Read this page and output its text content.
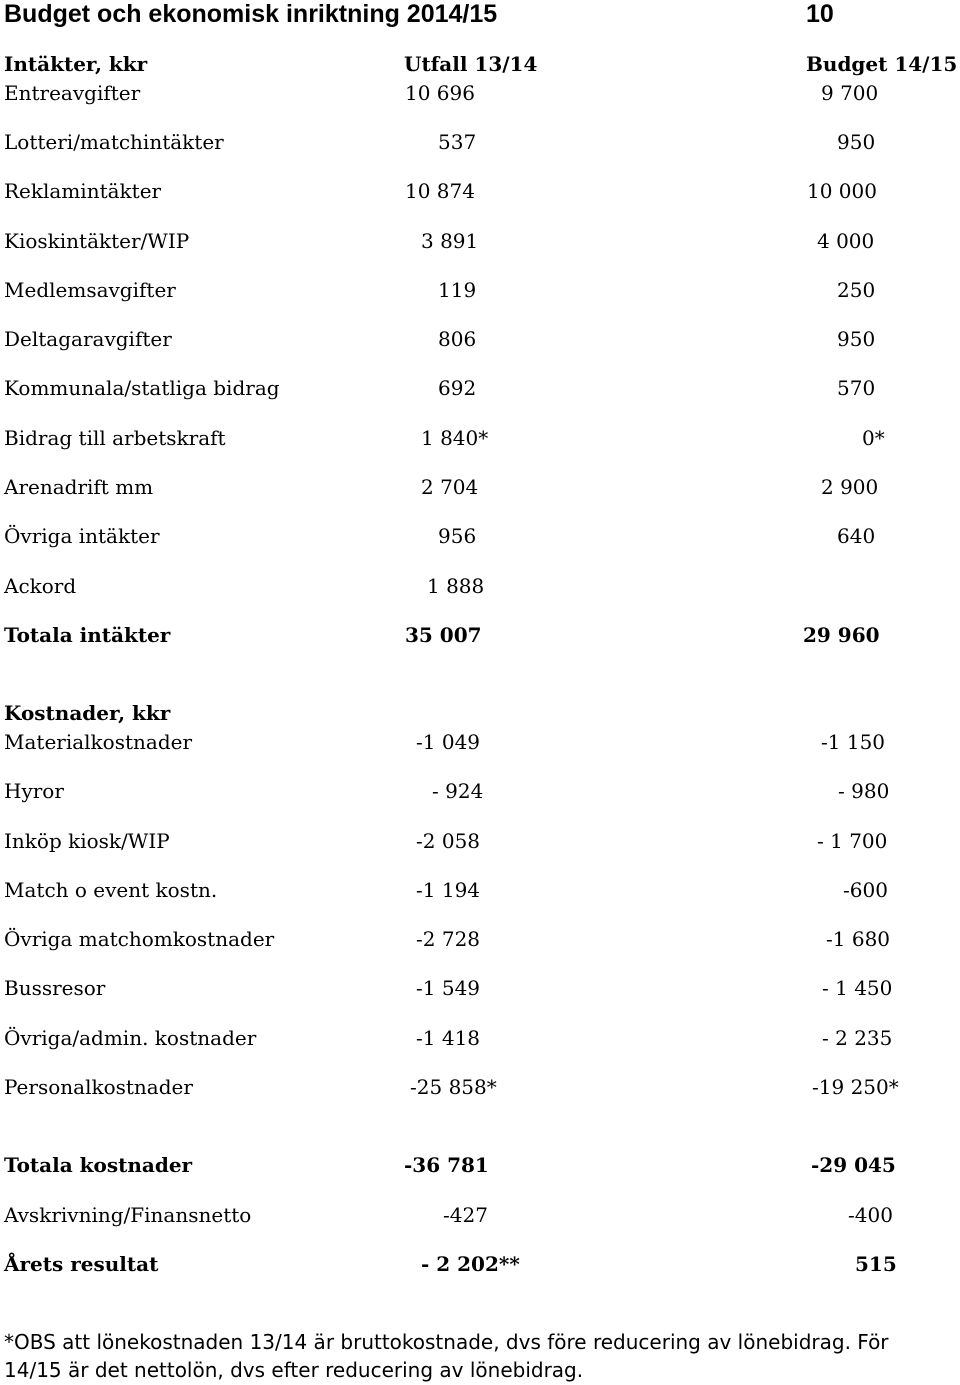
Budget och ekonomisk inriktning 2014/15	10
Intäkter, kkr	Utfall 13/14	Budget 14/15
Entreavgifter	10 696	9 700
Lotteri/matchintäkter	537	950
Reklamintäkter	10 874	10 000
Kioskintäkter/WIP	3 891	4 000
Medlemsavgifter	119	250
Deltagaravgifter	806	950
Kommunala/statliga bidrag	692	570
Bidrag till arbetskraft	1 840*	0*
Arenadrift mm	2 704	2 900
Övriga intäkter	956	640
Ackord	1 888
Totala intäkter	35 007	29 960
Kostnader, kkr
Materialkostnader	-1 049	-1 150
Hyror	- 924	- 980
Inköp kiosk/WIP	-2 058	- 1 700
Match o event kostn.	-1 194	-600
Övriga matchomkostnader	-2 728	-1 680
Bussresor	-1 549	- 1 450
Övriga/admin. kostnader	-1 418	- 2 235
Personalkostnader	-25 858*	-19 250*
Totala kostnader	-36 781	-29 045
Avskrivning/Finansnetto	-427	-400
Årets resultat	- 2 202**	515

*OBS att lönekostnaden 13/14 är bruttokostnade, dvs före reducering av lönebidrag. För

14/15 är det nettolön, dvs efter reducering av lönebidrag.
